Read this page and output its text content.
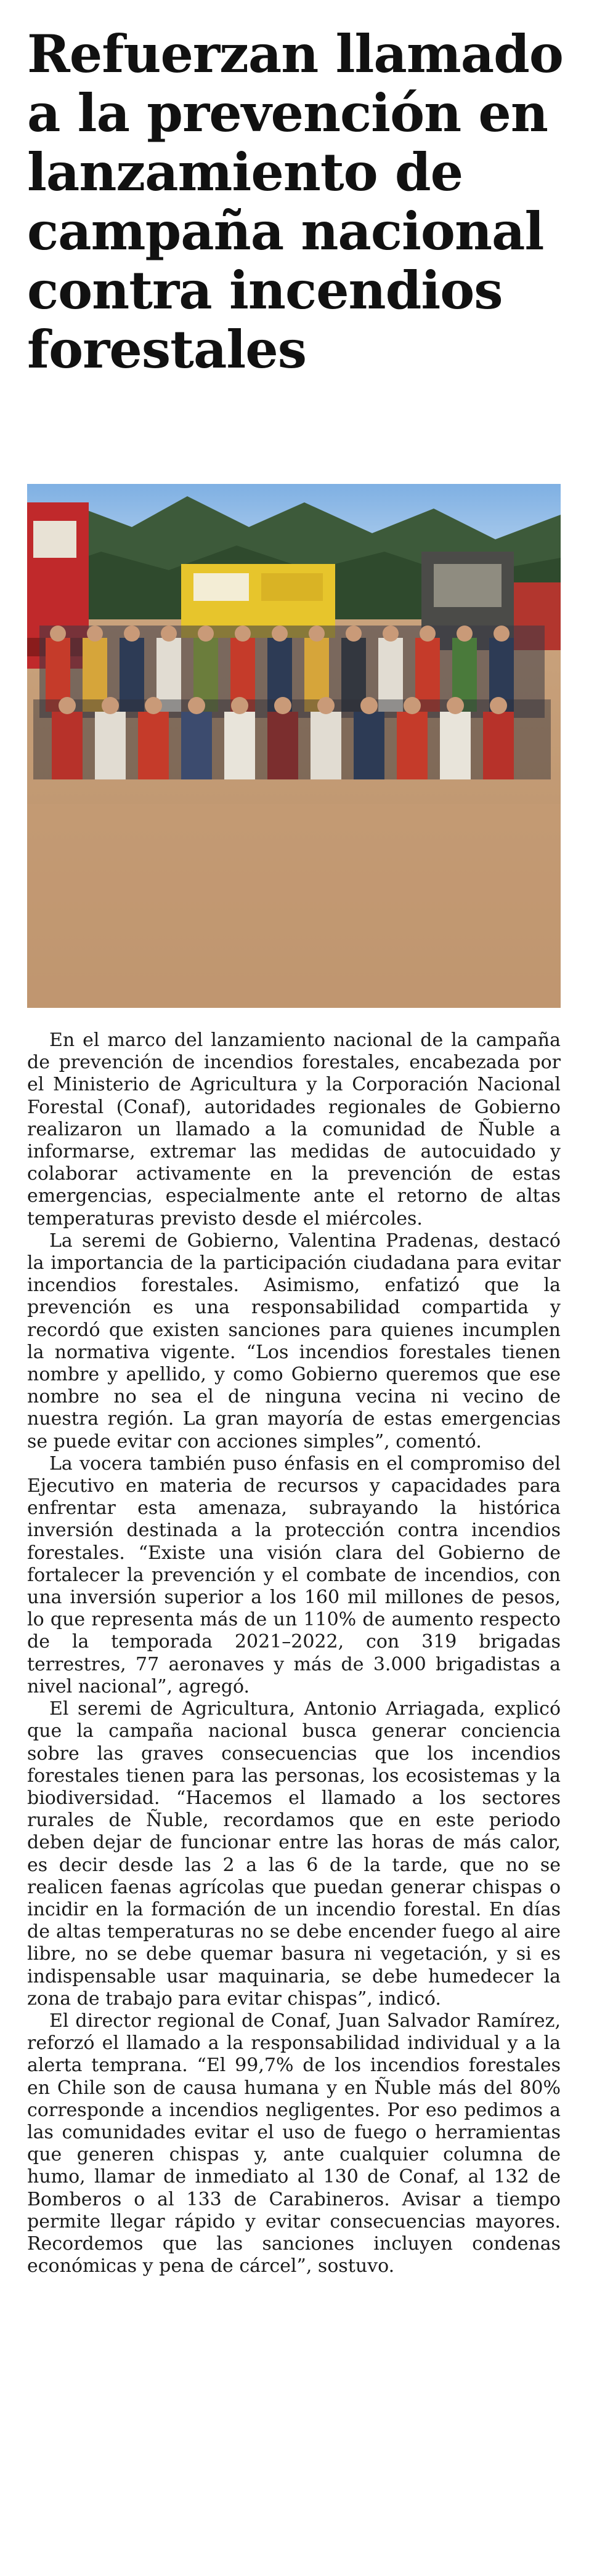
Refuerzan llamado a la prevención en lanzamiento de campaña nacional contra incendios forestales

En el marco del lanzamiento nacional de la campaña de prevención de incendios forestales, encabezada por el Ministerio de Agricultura y la Corporación Nacional Forestal (Conaf), autoridades regionales de Gobierno realizaron un llamado a la comunidad de Ñuble a informarse, extremar las medidas de autocuidado y colaborar activamente en la prevención de estas emergencias, especialmente ante el retorno de altas temperaturas previsto desde el miércoles.

La seremi de Gobierno, Valentina Pradenas, destacó la importancia de la participación ciudadana para evitar incendios forestales. Asimismo, enfatizó que la prevención es una responsabilidad compartida y recordó que existen sanciones para quienes incumplen la normativa vigente. “Los incendios forestales tienen nombre y apellido, y como Gobierno queremos que ese nombre no sea el de ninguna vecina ni vecino de nuestra región. La gran mayoría de estas emergencias se puede evitar con acciones simples”, comentó.

La vocera también puso énfasis en el compromiso del Ejecutivo en materia de recursos y capacidades para enfrentar esta amenaza, subrayando la histórica inversión destinada a la protección contra incendios forestales. “Existe una visión clara del Gobierno de fortalecer la prevención y el combate de incendios, con una inversión superior a los 160 mil millones de pesos, lo que representa más de un 110% de aumento respecto de la temporada 2021–2022, con 319 brigadas terrestres, 77 aeronaves y más de 3.000 brigadistas a nivel nacional”, agregó.

El seremi de Agricultura, Antonio Arriagada, explicó que la campaña nacional busca generar conciencia sobre las graves consecuencias que los incendios forestales tienen para las personas, los ecosistemas y la biodiversidad. “Hacemos el llamado a los sectores rurales de Ñuble, recordamos que en este periodo deben dejar de funcionar entre las horas de más calor, es decir desde las 2 a las 6 de la tarde, que no se realicen faenas agrícolas que puedan generar chispas o incidir en la formación de un incendio forestal. En días de altas temperaturas no se debe encender fuego al aire libre, no se debe quemar basura ni vegetación, y si es indispensable usar maquinaria, se debe humedecer la zona de trabajo para evitar chispas”, indicó.

El director regional de Conaf, Juan Salvador Ramírez, reforzó el llamado a la responsabilidad individual y a la alerta temprana. “El 99,7% de los incendios forestales en Chile son de causa humana y en Ñuble más del 80% corresponde a incendios negligentes. Por eso pedimos a las comunidades evitar el uso de fuego o herramientas que generen chispas y, ante cualquier columna de humo, llamar de inmediato al 130 de Conaf, al 132 de Bomberos o al 133 de Carabineros. Avisar a tiempo permite llegar rápido y evitar consecuencias mayores. Recordemos que las sanciones incluyen condenas económicas y pena de cárcel”, sostuvo.
